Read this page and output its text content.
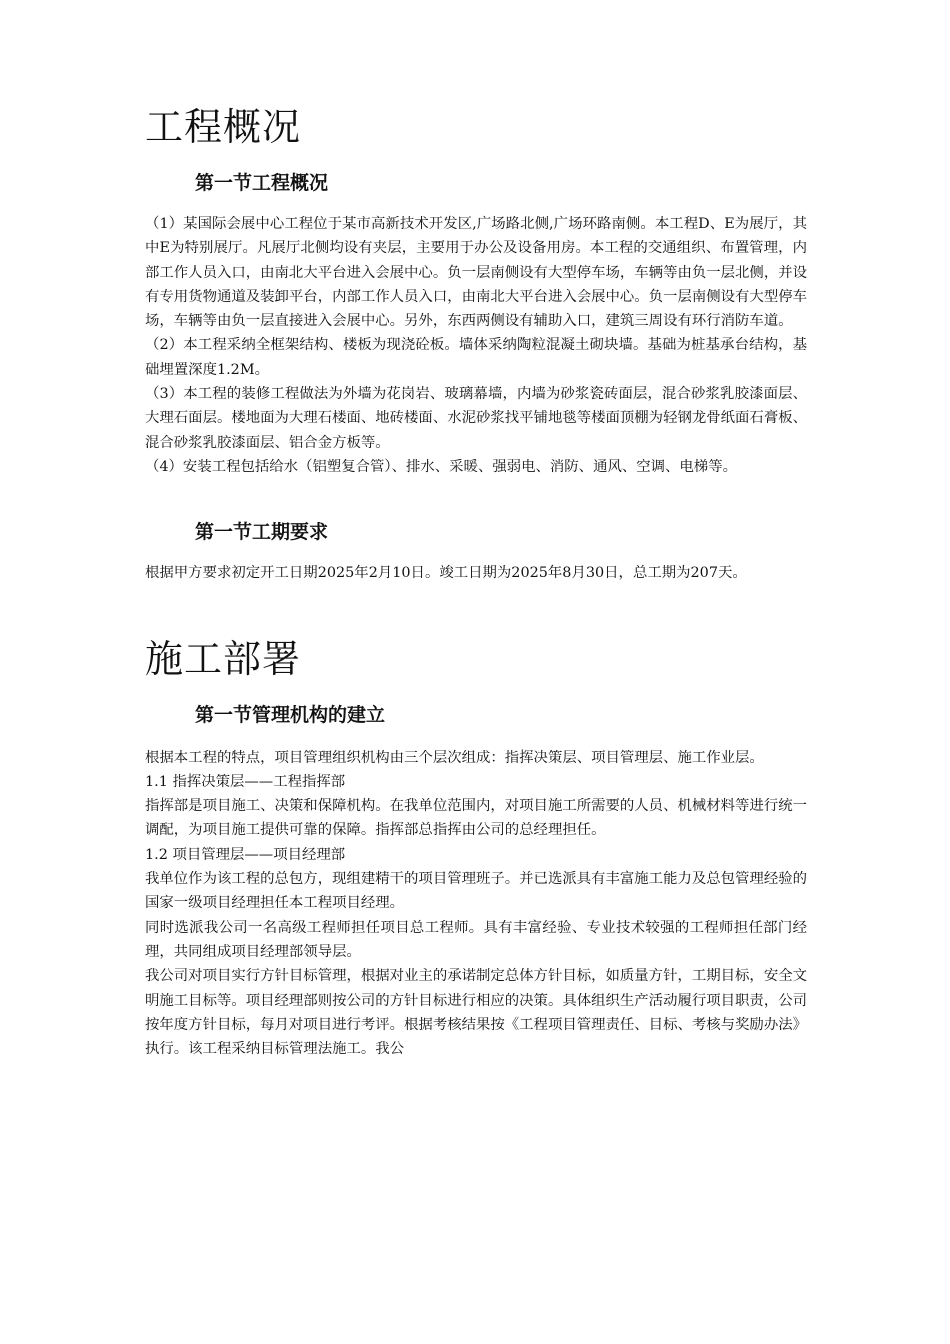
工程概况
第一节工程概况

（1）某国际会展中心工程位于某市高新技术开发区,广场路北侧,广场环路南侧。本工程D、E为展厅，其中E为特别展厅。凡展厅北侧均设有夹层，主要用于办公及设备用房。本工程的交通组织、布置管理，内部工作人员入口，由南北大平台进入会展中心。负一层南侧设有大型停车场，车辆等由负一层北侧，并设有专用货物通道及装卸平台，内部工作人员入口，由南北大平台进入会展中心。负一层南侧设有大型停车场，车辆等由负一层直接进入会展中心。另外，东西两侧设有辅助入口，建筑三周设有环行消防车道。

（2）本工程采纳全框架结构、楼板为现浇砼板。墙体采纳陶粒混凝土砌块墙。基础为桩基承台结构，基础埋置深度1.2M。

（3）本工程的装修工程做法为外墙为花岗岩、玻璃幕墙，内墙为砂浆瓷砖面层，混合砂浆乳胶漆面层、大理石面层。楼地面为大理石楼面、地砖楼面、水泥砂浆找平铺地毯等楼面顶棚为轻钢龙骨纸面石膏板、混合砂浆乳胶漆面层、铝合金方板等。

（4）安装工程包括给水（铝塑复合管）、排水、采暖、强弱电、消防、通风、空调、电梯等。

第一节工期要求

根据甲方要求初定开工日期2025年2月10日。竣工日期为2025年8月30日，总工期为207天。

施工部署
第一节管理机构的建立

根据本工程的特点，项目管理组织机构由三个层次组成：指挥决策层、项目管理层、施工作业层。

1.1 指挥决策层——工程指挥部

指挥部是项目施工、决策和保障机构。在我单位范围内，对项目施工所需要的人员、机械材料等进行统一调配，为项目施工提供可靠的保障。指挥部总指挥由公司的总经理担任。

1.2 项目管理层——项目经理部

我单位作为该工程的总包方，现组建精干的项目管理班子。并已选派具有丰富施工能力及总包管理经验的国家一级项目经理担任本工程项目经理。

同时选派我公司一名高级工程师担任项目总工程师。具有丰富经验、专业技术较强的工程师担任部门经理，共同组成项目经理部领导层。

我公司对项目实行方针目标管理，根据对业主的承诺制定总体方针目标，如质量方针，工期目标，安全文明施工目标等。项目经理部则按公司的方针目标进行相应的决策。具体组织生产活动履行项目职责，公司按年度方针目标，每月对项目进行考评。根据考核结果按《工程项目管理责任、目标、考核与奖励办法》执行。该工程采纳目标管理法施工。我公
